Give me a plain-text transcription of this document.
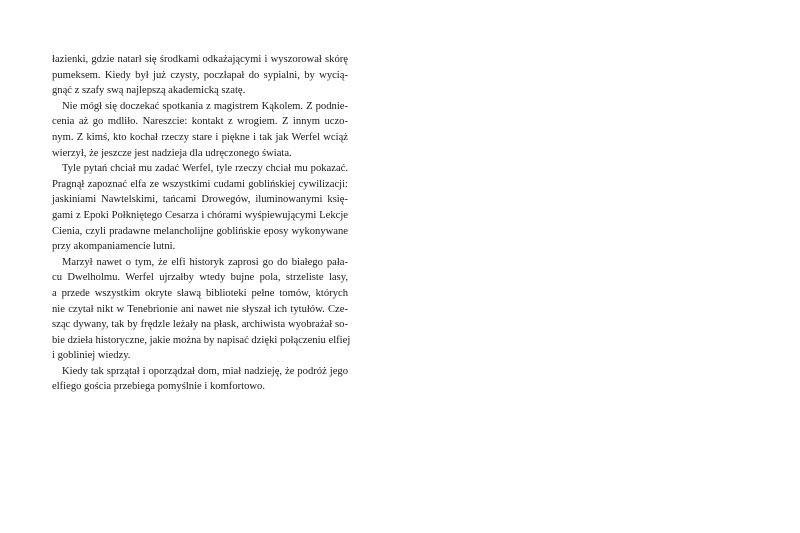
łazienki, gdzie natarł się środkami odkażającymi i wyszorował skórę
pumeksem. Kiedy był już czysty, poczłapał do sypialni, by wycią-
gnąć z szafy swą najlepszą akademicką szatę.
Nie mógł się doczekać spotkania z magistrem Kąkolem. Z podnie-
cenia aż go mdliło. Nareszcie: kontakt z wrogiem. Z innym uczo-
nym. Z kimś, kto kochał rzeczy stare i piękne i tak jak Werfel wciąż
wierzył, że jeszcze jest nadzieja dla udręczonego świata.
Tyle pytań chciał mu zadać Werfel, tyle rzeczy chciał mu pokazać.
Pragnął zapoznać elfa ze wszystkimi cudami goblińskiej cywilizacji:
jaskiniami Nawtelskimi, tańcami Drowegów, iluminowanymi księ-
gami z Epoki Połkniętego Cesarza i chórami wyśpiewującymi Lekcje
Cienia, czyli pradawne melancholijne goblińskie eposy wykonywane
przy akompaniamencie lutni.
Marzył nawet o tym, że elfi historyk zaprosi go do białego pała-
cu Dwelholmu. Werfel ujrzałby wtedy bujne pola, strzeliste lasy,
a przede wszystkim okryte sławą biblioteki pełne tomów, których
nie czytał nikt w Tenebrionie ani nawet nie słyszał ich tytułów. Cze-
sząc dywany, tak by frędzle leżały na płask, archiwista wyobrażał so-
bie dzieła historyczne, jakie można by napisać dzięki połączeniu elfiej
i gobliniej wiedzy.
Kiedy tak sprzątał i oporządzał dom, miał nadzieję, że podróż jego
elfiego gościa przebiega pomyślnie i komfortowo.
